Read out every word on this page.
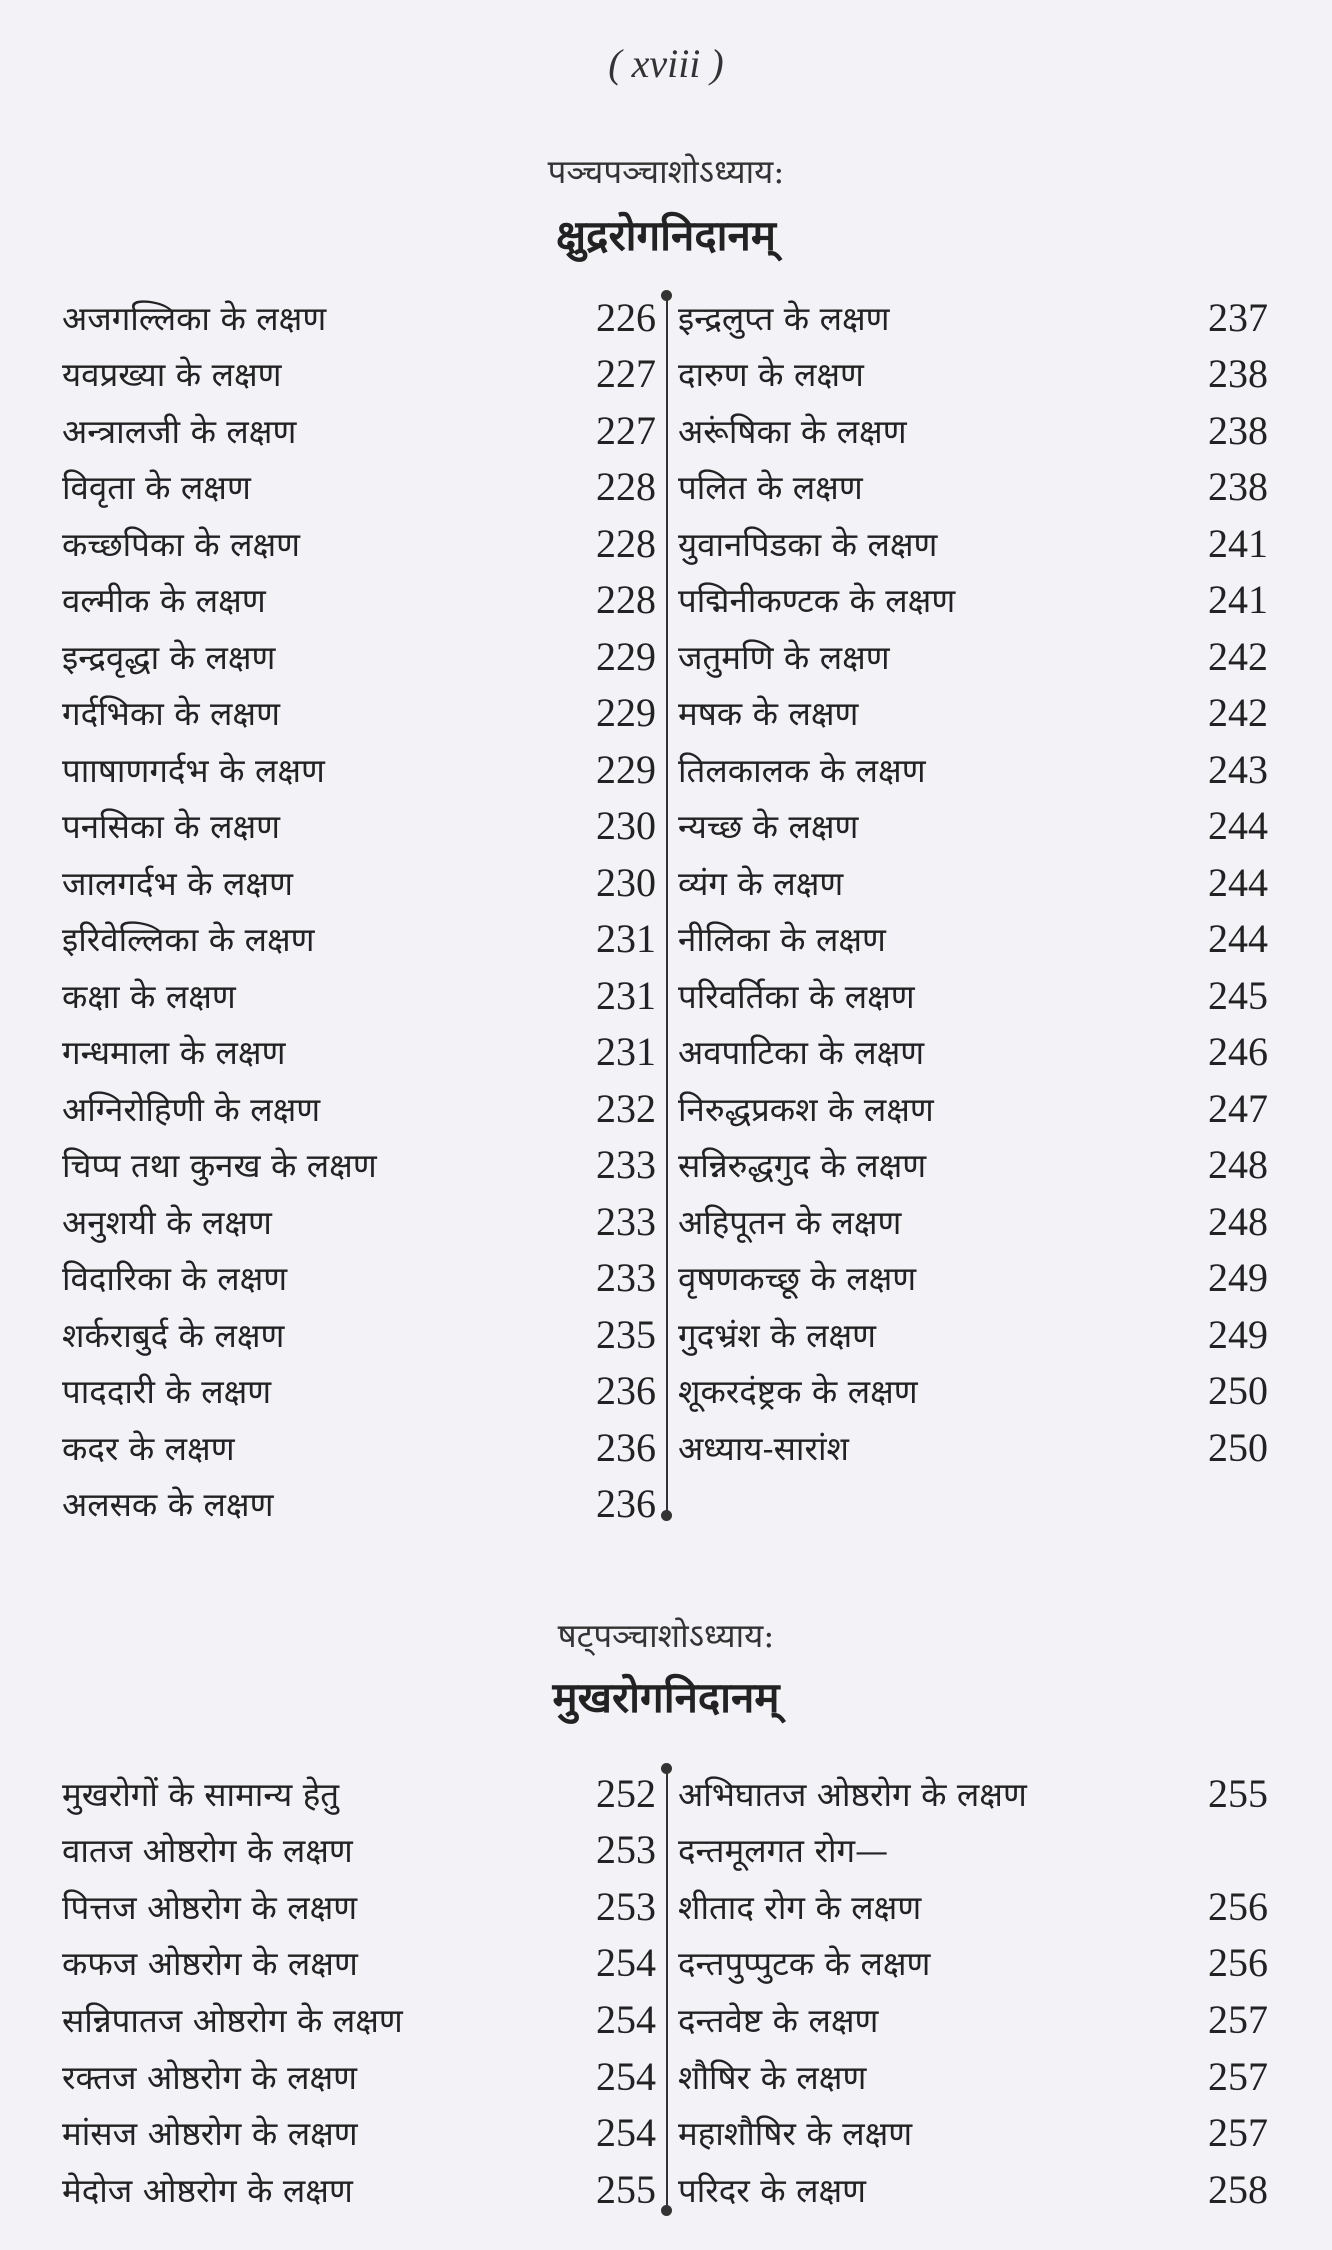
( xviii )
पञ्चपञ्चाशोऽध्याय:
क्षुद्ररोगनिदानम्
अजगल्लिका के लक्षण	226
यवप्रख्या के लक्षण	227
अन्त्रालजी के लक्षण	227
विवृता के लक्षण	228
कच्छपिका के लक्षण	228
वल्मीक के लक्षण	228
इन्द्रवृद्धा के लक्षण	229
गर्दभिका के लक्षण	229
पााषाणगर्दभ के लक्षण	229
पनसिका के लक्षण	230
जालगर्दभ के लक्षण	230
इरिवेल्लिका के लक्षण	231
कक्षा के लक्षण	231
गन्धमाला के लक्षण	231
अग्निरोहिणी के लक्षण	232
चिप्प तथा कुनख के लक्षण	233
अनुशयी के लक्षण	233
विदारिका के लक्षण	233
शर्कराबुर्द के लक्षण	235
पाददारी के लक्षण	236
कदर के लक्षण	236
अलसक के लक्षण	236
इन्द्रलुप्त के लक्षण	237
दारुण के लक्षण	238
अरूंषिका के लक्षण	238
पलित के लक्षण	238
युवानपिडका के लक्षण	241
पद्मिनीकण्टक के लक्षण	241
जतुमणि के लक्षण	242
मषक के लक्षण	242
तिलकालक के लक्षण	243
न्यच्छ के लक्षण	244
व्यंग के लक्षण	244
नीलिका के लक्षण	244
परिवर्तिका के लक्षण	245
अवपाटिका के लक्षण	246
निरुद्धप्रकश के लक्षण	247
सन्निरुद्धगुद के लक्षण	248
अहिपूतन के लक्षण	248
वृषणकच्छू के लक्षण	249
गुदभ्रंश के लक्षण	249
शूकरदंष्ट्रक के लक्षण	250
अध्याय-सारांश	250
षट्पञ्चाशोऽध्याय:
मुखरोगनिदानम्
मुखरोगों के सामान्य हेतु	252
वातज ओष्ठरोग के लक्षण	253
पित्तज ओष्ठरोग के लक्षण	253
कफज ओष्ठरोग के लक्षण	254
सन्निपातज ओष्ठरोग के लक्षण	254
रक्तज ओष्ठरोग के लक्षण	254
मांसज ओष्ठरोग के लक्षण	254
मेदोज ओष्ठरोग के लक्षण	255
अभिघातज ओष्ठरोग के लक्षण	255
दन्तमूलगत रोग—
शीताद रोग के लक्षण	256
दन्तपुप्पुटक के लक्षण	256
दन्तवेष्ट के लक्षण	257
शौषिर के लक्षण	257
महाशौषिर के लक्षण	257
परिदर के लक्षण	258
